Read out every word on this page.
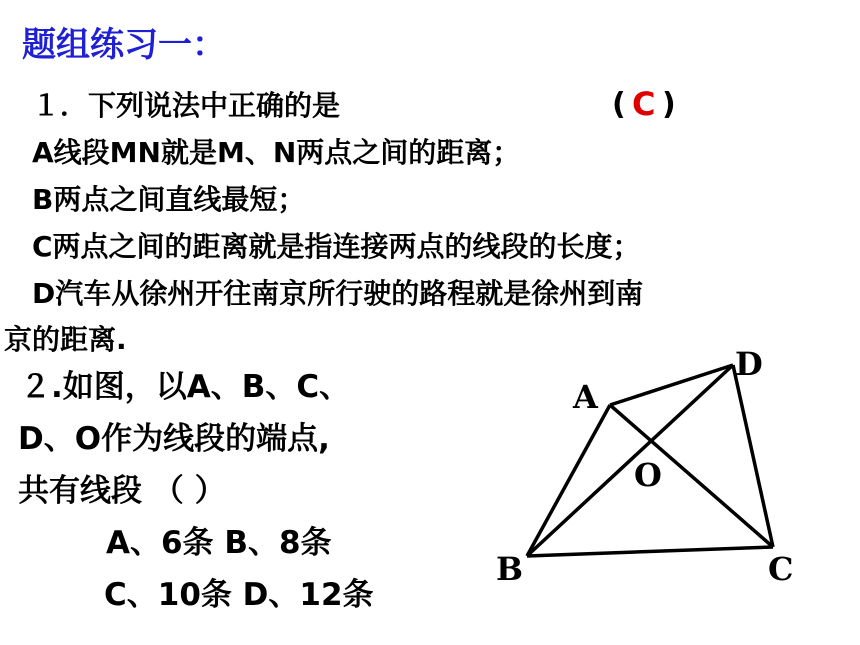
题组练习一：
１．下列说法中正确的是	( C )
A线段MN就是M、N两点之间的距离；
B两点之间直线最短；
C两点之间的距离就是指连接两点的线段的长度；
D汽车从徐州开往南京所行驶的路程就是徐州到南
京的距离.
２.如图，以A、B、C、
D、O作为线段的端点,
共有线段 （ ）
A、6条 B、8条
C、10条 D、12条
A
D
O
B	C
